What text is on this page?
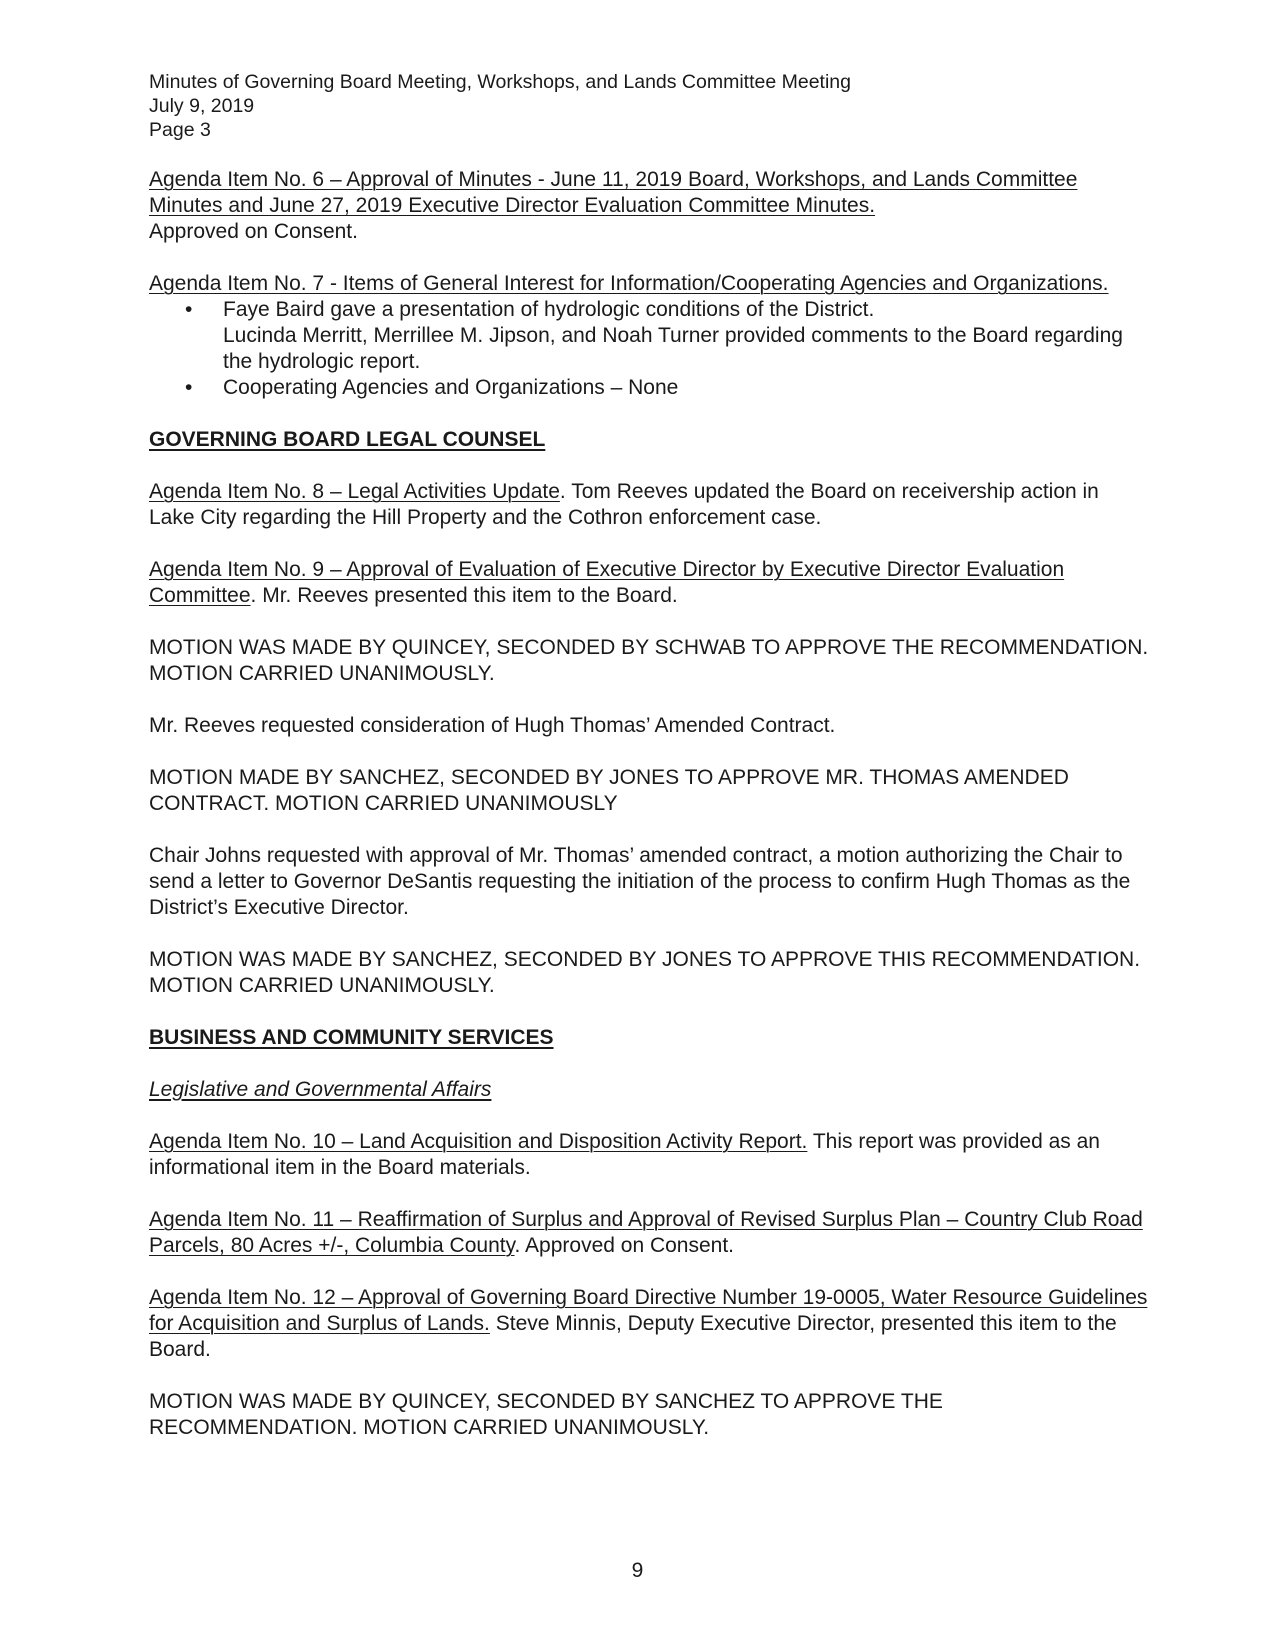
Minutes of Governing Board Meeting, Workshops, and Lands Committee Meeting

July 9, 2019

Page 3

Agenda Item No. 6 – Approval of Minutes - June 11, 2019 Board, Workshops, and Lands Committee Minutes and June 27, 2019 Executive Director Evaluation Committee Minutes.
Approved on Consent.

Agenda Item No. 7 - Items of General Interest for Information/Cooperating Agencies and Organizations.

• Faye Baird gave a presentation of hydrologic conditions of the District.
Lucinda Merritt, Merrillee M. Jipson, and Noah Turner provided comments to the Board regarding the hydrologic report.
• Cooperating Agencies and Organizations – None

GOVERNING BOARD LEGAL COUNSEL

Agenda Item No. 8 – Legal Activities Update. Tom Reeves updated the Board on receivership action in Lake City regarding the Hill Property and the Cothron enforcement case.

Agenda Item No. 9 – Approval of Evaluation of Executive Director by Executive Director Evaluation Committee. Mr. Reeves presented this item to the Board.

MOTION WAS MADE BY QUINCEY, SECONDED BY SCHWAB TO APPROVE THE RECOMMENDATION. MOTION CARRIED UNANIMOUSLY.

Mr. Reeves requested consideration of Hugh Thomas’ Amended Contract.

MOTION MADE BY SANCHEZ, SECONDED BY JONES TO APPROVE MR. THOMAS AMENDED CONTRACT. MOTION CARRIED UNANIMOUSLY

Chair Johns requested with approval of Mr. Thomas’ amended contract, a motion authorizing the Chair to send a letter to Governor DeSantis requesting the initiation of the process to confirm Hugh Thomas as the District’s Executive Director.

MOTION WAS MADE BY SANCHEZ, SECONDED BY JONES TO APPROVE THIS RECOMMENDATION. MOTION CARRIED UNANIMOUSLY.

BUSINESS AND COMMUNITY SERVICES

Legislative and Governmental Affairs

Agenda Item No. 10 – Land Acquisition and Disposition Activity Report. This report was provided as an informational item in the Board materials.

Agenda Item No. 11 – Reaffirmation of Surplus and Approval of Revised Surplus Plan – Country Club Road Parcels, 80 Acres +/-, Columbia County. Approved on Consent.

Agenda Item No. 12 – Approval of Governing Board Directive Number 19-0005, Water Resource Guidelines for Acquisition and Surplus of Lands. Steve Minnis, Deputy Executive Director, presented this item to the Board.

MOTION WAS MADE BY QUINCEY, SECONDED BY SANCHEZ TO APPROVE THE RECOMMENDATION. MOTION CARRIED UNANIMOUSLY.

9
